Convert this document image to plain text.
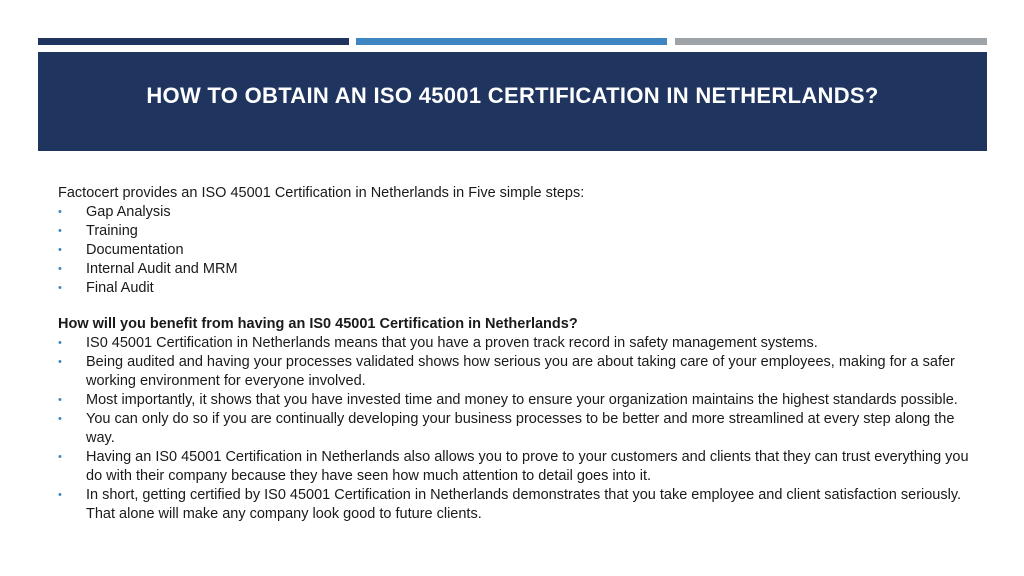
HOW TO OBTAIN AN ISO 45001 CERTIFICATION IN NETHERLANDS?

Factocert provides an ISO 45001 Certification in Netherlands in Five simple steps:

• Gap Analysis
• Training
• Documentation
• Internal Audit and MRM
• Final Audit

How will you benefit from having an IS0 45001 Certification in Netherlands?

• IS0 45001 Certification in Netherlands means that you have a proven track record in safety management systems.
• Being audited and having your processes validated shows how serious you are about taking care of your employees, making for a safer working environment for everyone involved.
• Most importantly, it shows that you have invested time and money to ensure your organization maintains the highest standards possible.
• You can only do so if you are continually developing your business processes to be better and more streamlined at every step along the way.
• Having an IS0 45001 Certification in Netherlands also allows you to prove to your customers and clients that they can trust everything you do with their company because they have seen how much attention to detail goes into it.
• In short, getting certified by IS0 45001 Certification in Netherlands demonstrates that you take employee and client satisfaction seriously. That alone will make any company look good to future clients.
